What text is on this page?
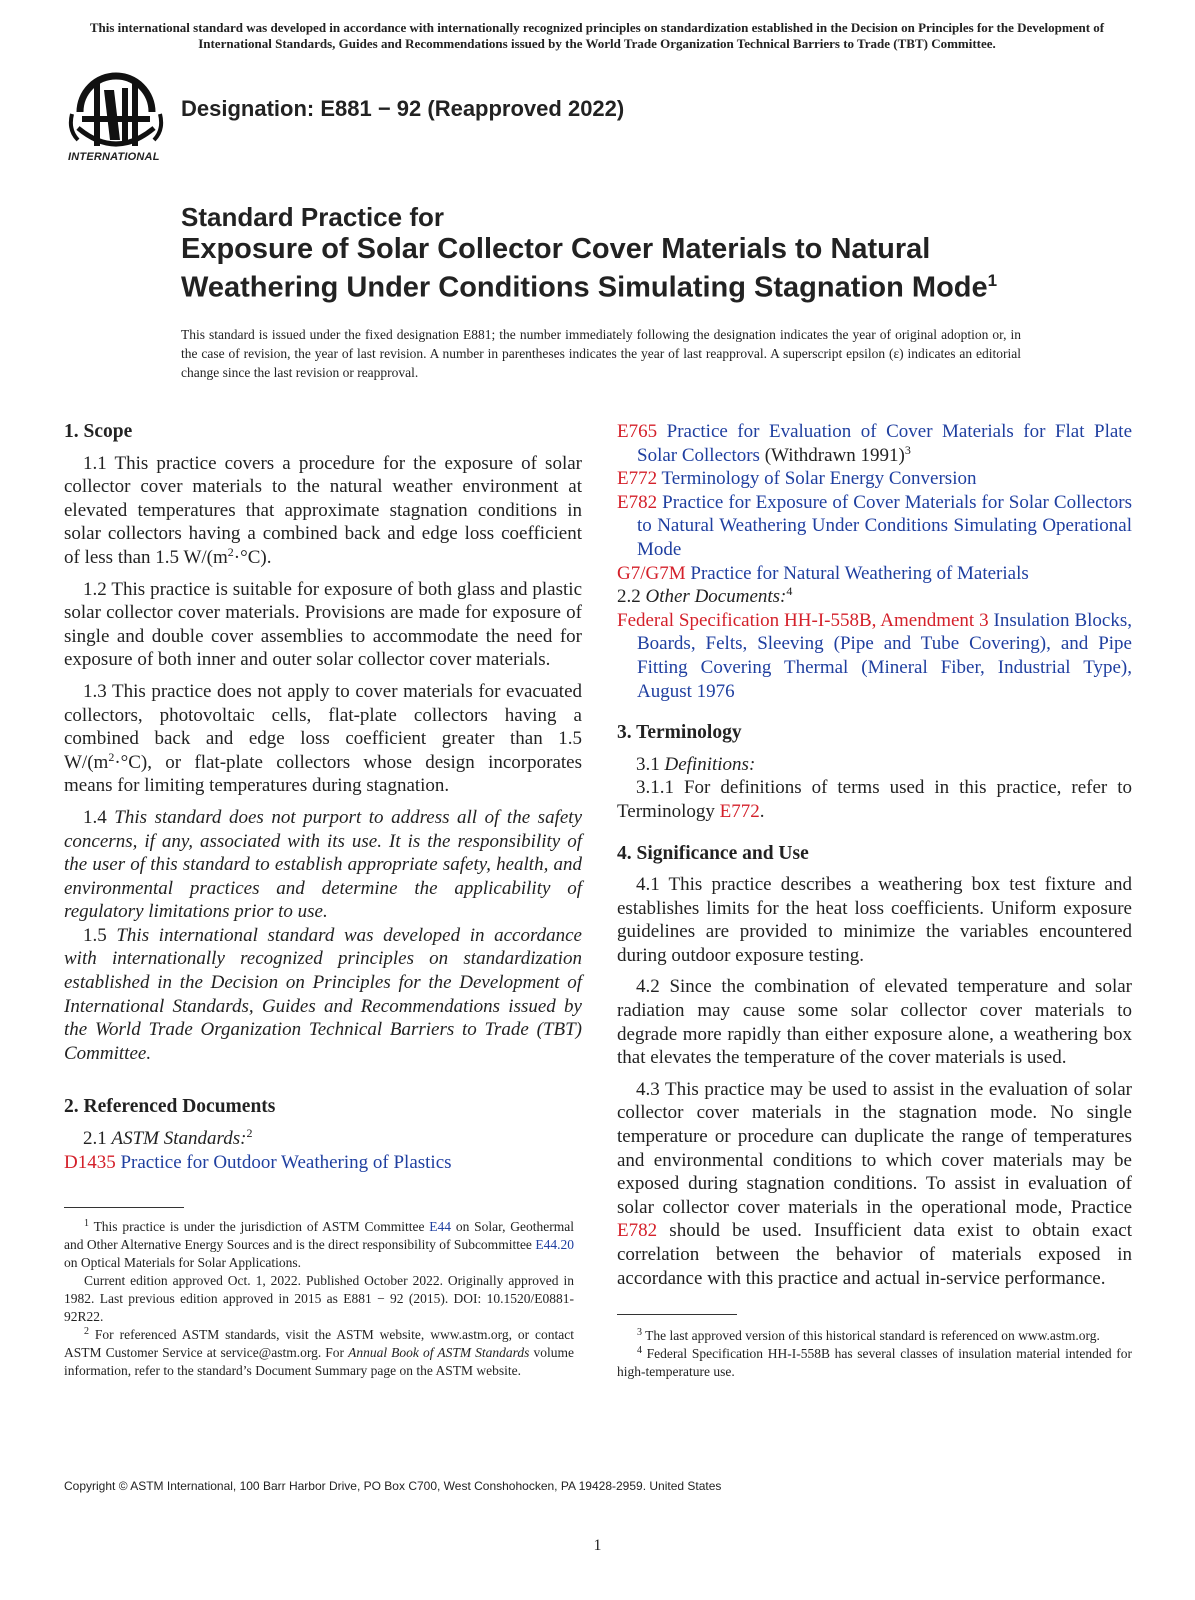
This international standard was developed in accordance with internationally recognized principles on standardization established in the Decision on Principles for the Development of International Standards, Guides and Recommendations issued by the World Trade Organization Technical Barriers to Trade (TBT) Committee.
INTERNATIONAL
Designation: E881 − 92 (Reapproved 2022)
Standard Practice for
Exposure of Solar Collector Cover Materials to Natural
Weathering Under Conditions Simulating Stagnation Mode$^1$
This standard is issued under the fixed designation E881; the number immediately following the designation indicates the year of original adoption or, in the case of revision, the year of last revision. A number in parentheses indicates the year of last reapproval. A superscript epsilon (ε) indicates an editorial change since the last revision or reapproval.
1. Scope
1.1 This practice covers a procedure for the exposure of solar collector cover materials to the natural weather environment at elevated temperatures that approximate stagnation conditions in solar collectors having a combined back and edge loss coefficient of less than 1.5 $W/(m^2\cdot^\circ C)$.
1.2 This practice is suitable for exposure of both glass and plastic solar collector cover materials. Provisions are made for exposure of single and double cover assemblies to accommodate the need for exposure of both inner and outer solar collector cover materials.
1.3 This practice does not apply to cover materials for evacuated collectors, photovoltaic cells, flat-plate collectors having a combined back and edge loss coefficient greater than 1.5 $W/(m^2\cdot^\circ C)$, or flat-plate collectors whose design incorporates means for limiting temperatures during stagnation.
1.4 This standard does not purport to address all of the safety concerns, if any, associated with its use. It is the responsibility of the user of this standard to establish appropriate safety, health, and environmental practices and determine the applicability of regulatory limitations prior to use.
1.5 This international standard was developed in accordance with internationally recognized principles on standardization established in the Decision on Principles for the Development of International Standards, Guides and Recommendations issued by the World Trade Organization Technical Barriers to Trade (TBT) Committee.
2. Referenced Documents
2.1 ASTM Standards:$^2$
D1435 Practice for Outdoor Weathering of Plastics
E765 Practice for Evaluation of Cover Materials for Flat Plate Solar Collectors (Withdrawn 1991)$^3$
E772 Terminology of Solar Energy Conversion
E782 Practice for Exposure of Cover Materials for Solar Collectors to Natural Weathering Under Conditions Simulating Operational Mode
G7/G7M Practice for Natural Weathering of Materials
2.2 Other Documents:$^4$
Federal Specification HH-I-558B, Amendment 3 Insulation Blocks, Boards, Felts, Sleeving (Pipe and Tube Covering), and Pipe Fitting Covering Thermal (Mineral Fiber, Industrial Type), August 1976
3. Terminology
3.1 Definitions:
3.1.1 For definitions of terms used in this practice, refer to Terminology E772.
4. Significance and Use
4.1 This practice describes a weathering box test fixture and establishes limits for the heat loss coefficients. Uniform exposure guidelines are provided to minimize the variables encountered during outdoor exposure testing.
4.2 Since the combination of elevated temperature and solar radiation may cause some solar collector cover materials to degrade more rapidly than either exposure alone, a weathering box that elevates the temperature of the cover materials is used.
4.3 This practice may be used to assist in the evaluation of solar collector cover materials in the stagnation mode. No single temperature or procedure can duplicate the range of temperatures and environmental conditions to which cover materials may be exposed during stagnation conditions. To assist in evaluation of solar collector cover materials in the operational mode, Practice E782 should be used. Insufficient data exist to obtain exact correlation between the behavior of materials exposed in accordance with this practice and actual in-service performance.

$^1$ This practice is under the jurisdiction of ASTM Committee E44 on Solar, Geothermal and Other Alternative Energy Sources and is the direct responsibility of Subcommittee E44.20 on Optical Materials for Solar Applications.

Current edition approved Oct. 1, 2022. Published October 2022. Originally approved in 1982. Last previous edition approved in 2015 as E881 − 92 (2015). DOI: 10.1520/E0881-92R22.

$^2$ For referenced ASTM standards, visit the ASTM website, www.astm.org, or contact ASTM Customer Service at service@astm.org. For Annual Book of ASTM Standards volume information, refer to the standard’s Document Summary page on the ASTM website.

$^3$ The last approved version of this historical standard is referenced on www.astm.org.

$^4$ Federal Specification HH-I-558B has several classes of insulation material intended for high-temperature use.

Copyright © ASTM International, 100 Barr Harbor Drive, PO Box C700, West Conshohocken, PA 19428-2959. United States
1
